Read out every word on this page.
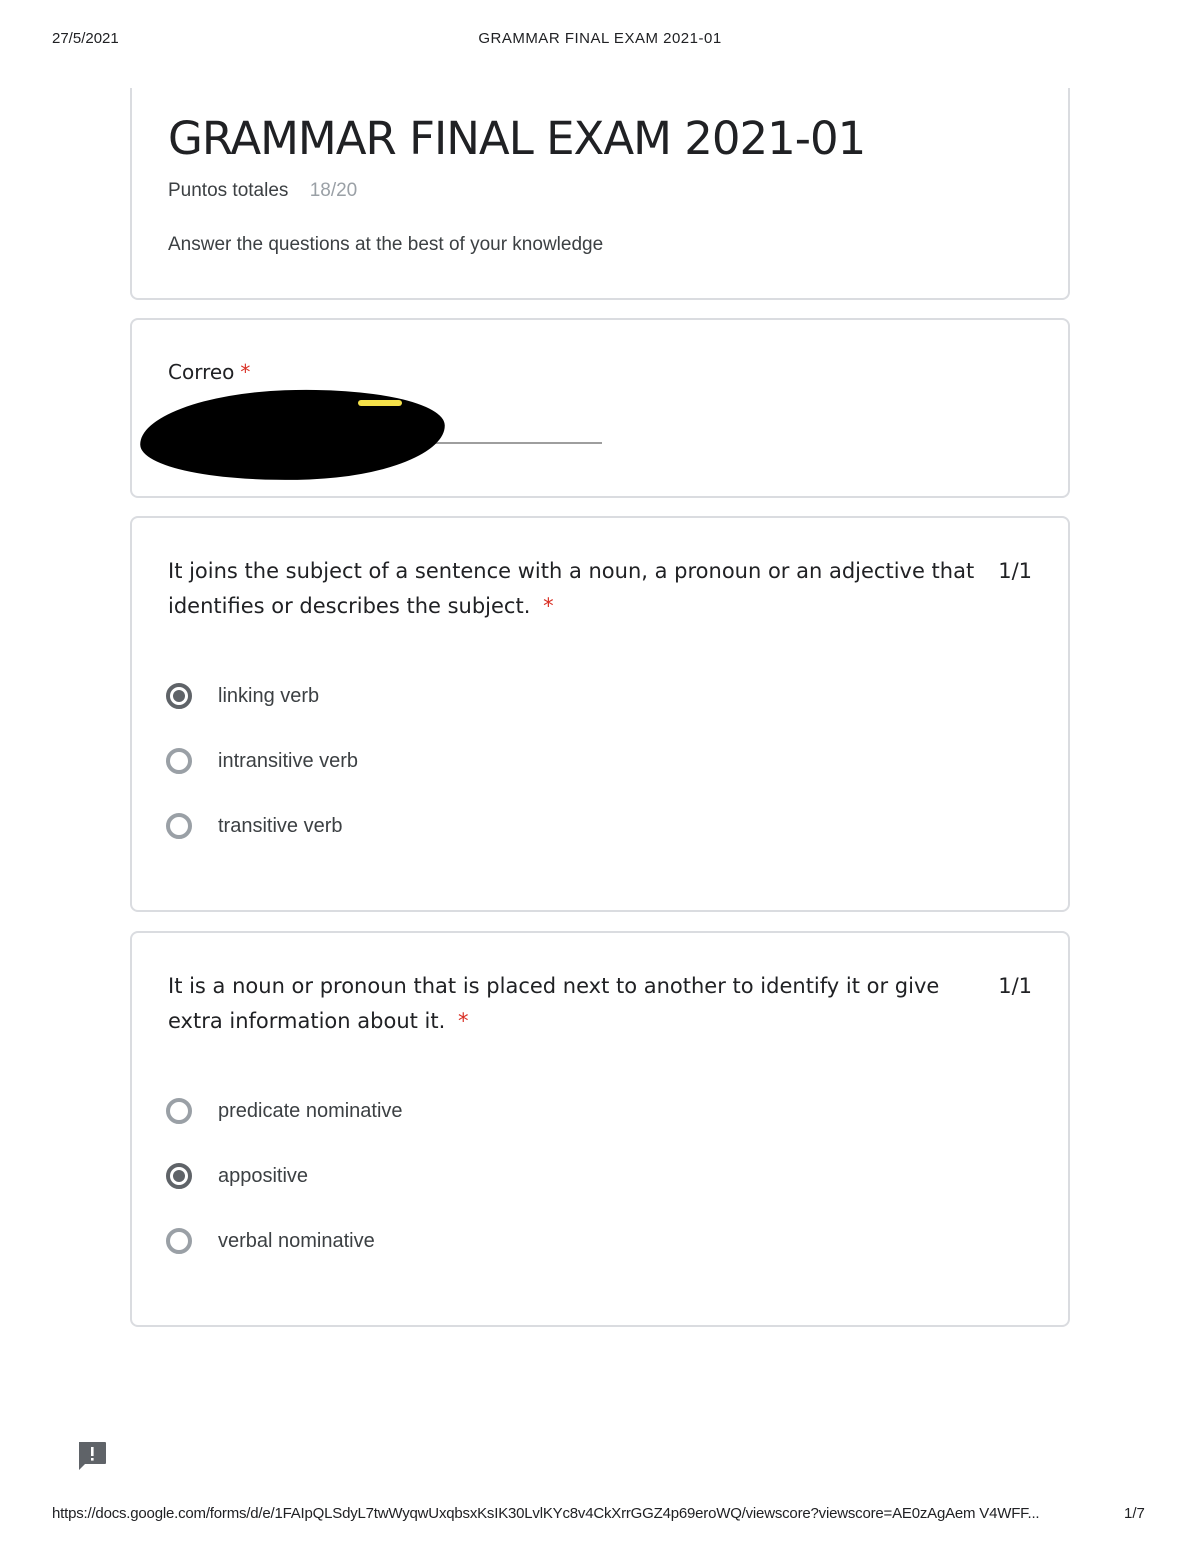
27/5/2021	GRAMMAR FINAL EXAM 2021-01
GRAMMAR FINAL EXAM 2021-01
Puntos totales 18/20
Answer the questions at the best of your knowledge
Correo *
It joins the subject of a sentence with a noun, a pronoun or an adjective that identifies or describes the subject. *
1/1
linking verb
intransitive verb
transitive verb
It is a noun or pronoun that is placed next to another to identify it or give extra information about it. *
1/1
predicate nominative
appositive
verbal nominative
https://docs.google.com/forms/d/e/1FAIpQLSdyL7twWyqwUxqbsxKsIK30LvlKYc8v4CkXrrGGZ4p69eroWQ/viewscore?viewscore=AE0zAgAem V4WFF...	1/7
